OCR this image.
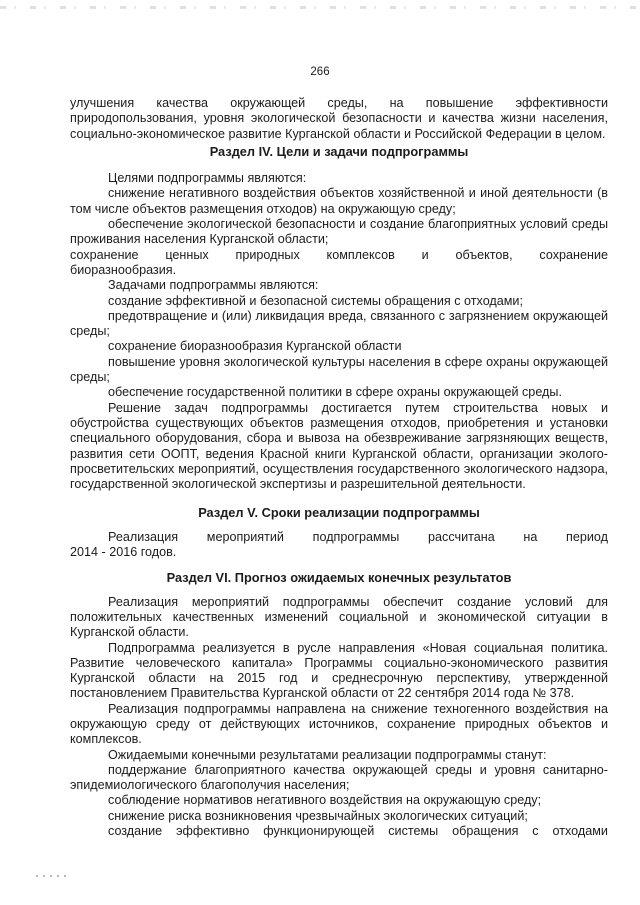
266

улучшения качества окружающей среды, на повышение эффективности природопользования, уровня экологической безопасности и качества жизни населения, социально-экономическое развитие Курганской области и Российской Федерации в целом.

Раздел IV. Цели и задачи подпрограммы

Целями подпрограммы являются:

снижение негативного воздействия объектов хозяйственной и иной деятельности (в том числе объектов размещения отходов) на окружающую среду;

обеспечение экологической безопасности и создание благоприятных условий среды проживания населения Курганской области;

сохранение ценных природных комплексов и объектов, сохранение

биоразнообразия.

Задачами подпрограммы являются:

создание эффективной и безопасной системы обращения с отходами;

предотвращение и (или) ликвидация вреда, связанного с загрязнением окружающей среды;

сохранение биоразнообразия Курганской области

повышение уровня экологической культуры населения в сфере охраны окружающей среды;

обеспечение государственной политики в сфере охраны окружающей среды.

Решение задач подпрограммы достигается путем строительства новых и обустройства существующих объектов размещения отходов, приобретения и установки специального оборудования, сбора и вывоза на обезвреживание загрязняющих веществ, развития сети ООПТ, ведения Красной книги Курганской области, организации эколого-просветительских мероприятий, осуществления государственного экологического надзора, государственной экологической экспертизы и разрешительной деятельности.

Раздел V. Сроки реализации подпрограммы
Реализация мероприятий подпрограммы рассчитана на период

2014 - 2016 годов.

Раздел VI. Прогноз ожидаемых конечных результатов

Реализация мероприятий подпрограммы обеспечит создание условий для положительных качественных изменений социальной и экономической ситуации в Курганской области.

Подпрограмма реализуется в русле направления «Новая социальная политика. Развитие человеческого капитала» Программы социально-экономического развития Курганской области на 2015 год и среднесрочную перспективу, утвержденной постановлением Правительства Курганской области от 22 сентября 2014 года № 378.

Реализация подпрограммы направлена на снижение техногенного воздействия на окружающую среду от действующих источников, сохранение природных объектов и комплексов.

Ожидаемыми конечными результатами реализации подпрограммы станут:

поддержание благоприятного качества окружающей среды и уровня санитарно-эпидемиологического благополучия населения;

соблюдение нормативов негативного воздействия на окружающую среду;

снижение риска возникновения чрезвычайных экологических ситуаций;

создание эффективно функционирующей системы обращения с отходами
